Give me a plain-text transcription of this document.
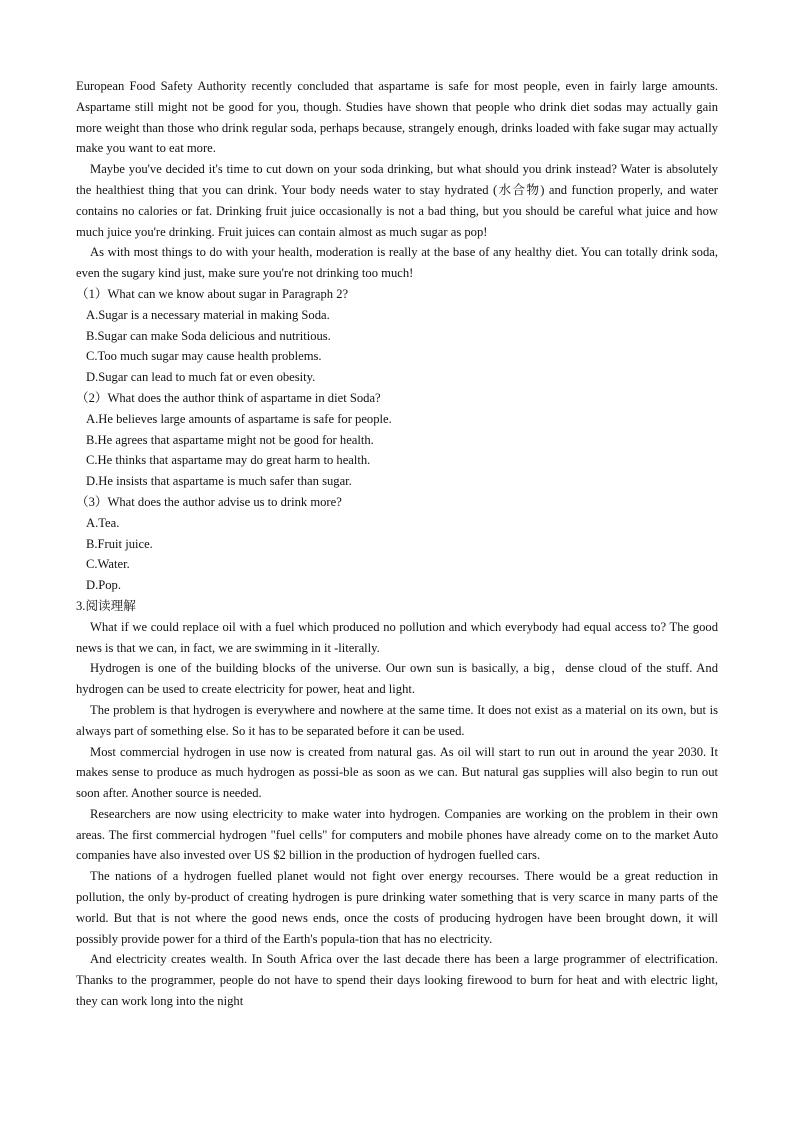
European Food Safety Authority recently concluded that aspartame is safe for most people, even in fairly large amounts. Aspartame still might not be good for you, though. Studies have shown that people who drink diet sodas may actually gain more weight than those who drink regular soda, perhaps because, strangely enough, drinks loaded with fake sugar may actually make you want to eat more.

Maybe you've decided it's time to cut down on your soda drinking, but what should you drink instead? Water is absolutely the healthiest thing that you can drink. Your body needs water to stay hydrated (水合物) and function properly, and water contains no calories or fat. Drinking fruit juice occasionally is not a bad thing, but you should be careful what juice and how much juice you're drinking. Fruit juices can contain almost as much sugar as pop!

As with most things to do with your health, moderation is really at the base of any healthy diet. You can totally drink soda, even the sugary kind just, make sure you're not drinking too much!

（1）What can we know about sugar in Paragraph 2?

A.Sugar is a necessary material in making Soda.

B.Sugar can make Soda delicious and nutritious.

C.Too much sugar may cause health problems.

D.Sugar can lead to much fat or even obesity.

（2）What does the author think of aspartame in diet Soda?

A.He believes large amounts of aspartame is safe for people.

B.He agrees that aspartame might not be good for health.

C.He thinks that aspartame may do great harm to health.

D.He insists that aspartame is much safer than sugar.

（3）What does the author advise us to drink more?

A.Tea.

B.Fruit juice.

C.Water.

D.Pop.

3.阅读理解

What if we could replace oil with a fuel which produced no pollution and which everybody had equal access to? The good news is that we can, in fact, we are swimming in it -literally.

Hydrogen is one of the building blocks of the universe. Our own sun is basically, a big，dense cloud of the stuff. And hydrogen can be used to create electricity for power, heat and light.

The problem is that hydrogen is everywhere and nowhere at the same time. It does not exist as a material on its own, but is always part of something else. So it has to be separated before it can be used.

Most commercial hydrogen in use now is created from natural gas. As oil will start to run out in around the year 2030. It makes sense to produce as much hydrogen as possi-ble as soon as we can. But natural gas supplies will also begin to run out soon after. Another source is needed.

Researchers are now using electricity to make water into hydrogen. Companies are working on the problem in their own areas. The first commercial hydrogen "fuel cells" for computers and mobile phones have already come on to the market Auto companies have also invested over US $2 billion in the production of hydrogen fuelled cars.

The nations of a hydrogen fuelled planet would not fight over energy recourses. There would be a great reduction in pollution, the only by-product of creating hydrogen is pure drinking water something that is very scarce in many parts of the world. But that is not where the good news ends, once the costs of producing hydrogen have been brought down, it will possibly provide power for a third of the Earth's popula-tion that has no electricity.

And electricity creates wealth. In South Africa over the last decade there has been a large programmer of electrification. Thanks to the programmer, people do not have to spend their days looking firewood to burn for heat and with electric light, they can work long into the night
